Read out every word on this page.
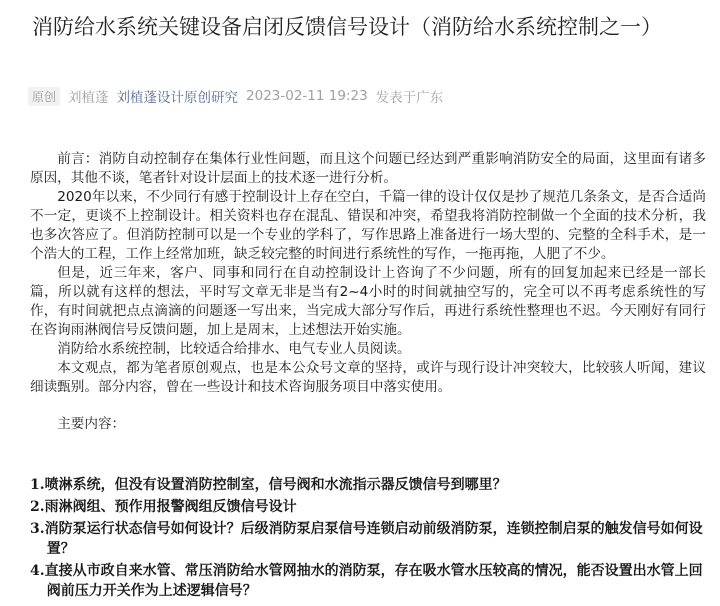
消防给水系统关键设备启闭反馈信号设计（消防给水系统控制之一）
原创 刘植蓬 刘植蓬设计原创研究 2023-02-11 19:23 发表于广东

前言：消防自动控制存在集体行业性问题，而且这个问题已经达到严重影响消防安全的局面，这里面有诸多原因，其他不谈，笔者针对设计层面上的技术逐一进行分析。

2020年以来，不少同行有感于控制设计上存在空白，千篇一律的设计仅仅是抄了规范几条条文，是否合适尚不一定，更谈不上控制设计。相关资料也存在混乱、错误和冲突，希望我将消防控制做一个全面的技术分析，我也多次答应了。但消防控制可以是一个专业的学科了，写作思路上准备进行一场大型的、完整的全科手术，是一个浩大的工程，工作上经常加班，缺乏较完整的时间进行系统性的写作，一拖再拖，人肥了不少。

但是，近三年来，客户、同事和同行在自动控制设计上咨询了不少问题，所有的回复加起来已经是一部长篇，所以就有这样的想法，平时写文章无非是当有2~4小时的时间就抽空写的，完全可以不再考虑系统性的写作，有时间就把点点滴滴的问题逐一写出来，当完成大部分写作后，再进行系统性整理也不迟。今天刚好有同行在咨询雨淋阀信号反馈问题，加上是周末，上述想法开始实施。

消防给水系统控制，比较适合给排水、电气专业人员阅读。

本文观点，都为笔者原创观点，也是本公众号文章的坚持，或许与现行设计冲突较大，比较骇人听闻，建议细读甄别。部分内容，曾在一些设计和技术咨询服务项目中落实使用。

主要内容：

1.喷淋系统，但没有设置消防控制室，信号阀和水流指示器反馈信号到哪里？
2.雨淋阀组、预作用报警阀组反馈信号设计
3.消防泵运行状态信号如何设计？后级消防泵启泵信号连锁启动前级消防泵，连锁控制启泵的触发信号如何设置？
4.直接从市政自来水管、常压消防给水管网抽水的消防泵，存在吸水管水压较高的情况，能否设置出水管上回阀前压力开关作为上述逻辑信号？
